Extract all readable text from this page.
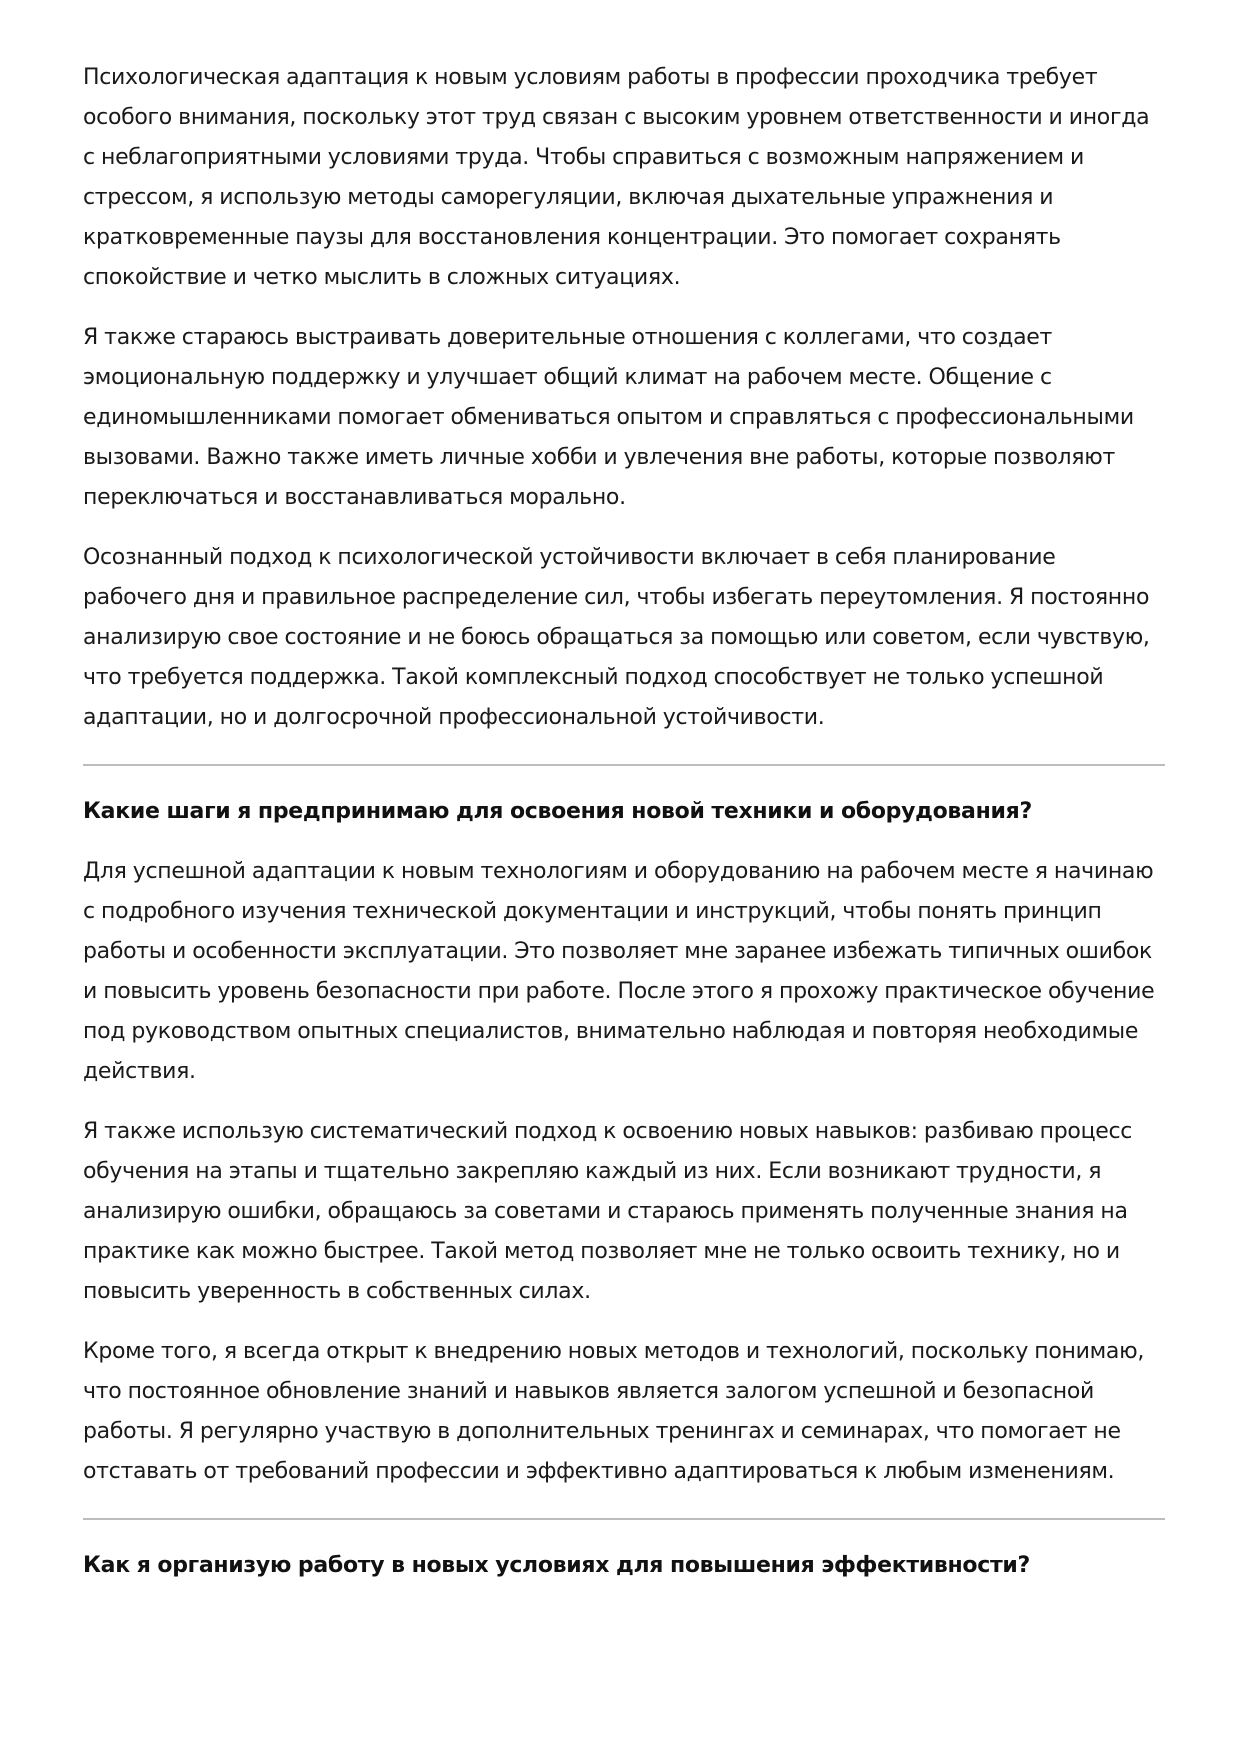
Психологическая адаптация к новым условиям работы в профессии проходчика требует особого внимания, поскольку этот труд связан с высоким уровнем ответственности и иногда с неблагоприятными условиями труда. Чтобы справиться с возможным напряжением и стрессом, я использую методы саморегуляции, включая дыхательные упражнения и кратковременные паузы для восстановления концентрации. Это помогает сохранять спокойствие и четко мыслить в сложных ситуациях.

Я также стараюсь выстраивать доверительные отношения с коллегами, что создает эмоциональную поддержку и улучшает общий климат на рабочем месте. Общение с единомышленниками помогает обмениваться опытом и справляться с профессиональными вызовами. Важно также иметь личные хобби и увлечения вне работы, которые позволяют переключаться и восстанавливаться морально.

Осознанный подход к психологической устойчивости включает в себя планирование рабочего дня и правильное распределение сил, чтобы избегать переутомления. Я постоянно анализирую свое состояние и не боюсь обращаться за помощью или советом, если чувствую, что требуется поддержка. Такой комплексный подход способствует не только успешной адаптации, но и долгосрочной профессиональной устойчивости.

Какие шаги я предпринимаю для освоения новой техники и оборудования?

Для успешной адаптации к новым технологиям и оборудованию на рабочем месте я начинаю с подробного изучения технической документации и инструкций, чтобы понять принцип работы и особенности эксплуатации. Это позволяет мне заранее избежать типичных ошибок и повысить уровень безопасности при работе. После этого я прохожу практическое обучение под руководством опытных специалистов, внимательно наблюдая и повторяя необходимые действия.

Я также использую систематический подход к освоению новых навыков: разбиваю процесс обучения на этапы и тщательно закрепляю каждый из них. Если возникают трудности, я анализирую ошибки, обращаюсь за советами и стараюсь применять полученные знания на практике как можно быстрее. Такой метод позволяет мне не только освоить технику, но и повысить уверенность в собственных силах.

Кроме того, я всегда открыт к внедрению новых методов и технологий, поскольку понимаю, что постоянное обновление знаний и навыков является залогом успешной и безопасной работы. Я регулярно участвую в дополнительных тренингах и семинарах, что помогает не отставать от требований профессии и эффективно адаптироваться к любым изменениям.

Как я организую работу в новых условиях для повышения эффективности?
